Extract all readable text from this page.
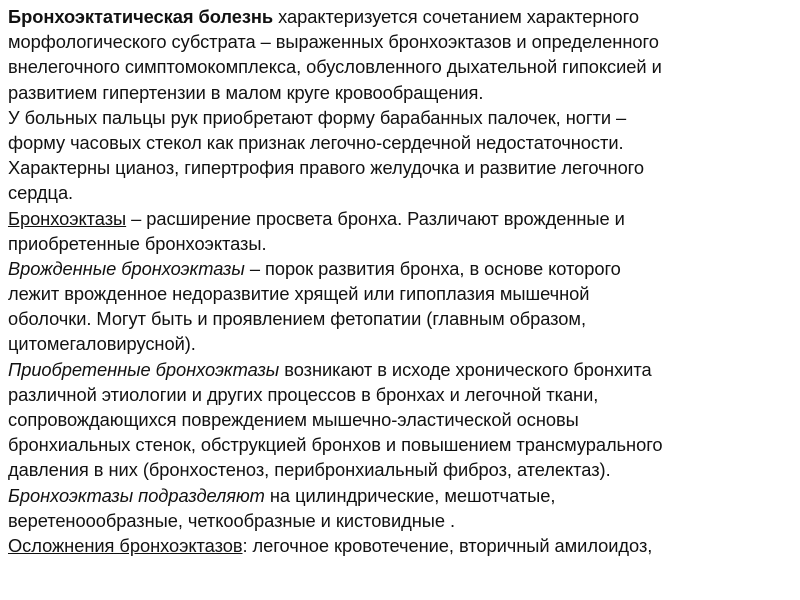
Бронхоэктатическая болезнь характеризуется сочетанием характерного
морфологического субстрата – выраженных бронхоэктазов и определенного
внелегочного симптомокомплекса, обусловленного дыхательной гипоксией и
развитием гипертензии в малом круге кровообращения.
У больных пальцы рук приобретают форму барабанных палочек, ногти –
форму часовых стекол как признак легочно-сердечной недостаточности.
Характерны цианоз, гипертрофия правого желудочка и развитие легочного
сердца.
Бронхоэктазы – расширение просвета бронха. Различают врожденные и
приобретенные бронхоэктазы.
Врожденные бронхоэктазы – порок развития бронха, в основе которого
лежит врожденное недоразвитие хрящей или гипоплазия мышечной
оболочки. Могут быть и проявлением фетопатии (главным образом,
цитомегаловирусной).
Приобретенные бронхоэктазы возникают в исходе хронического бронхита
различной этиологии и других процессов в бронхах и легочной ткани,
сопровождающихся повреждением мышечно-эластической основы
бронхиальных стенок, обструкцией бронхов и повышением трансмурального
давления в них (бронхостеноз, перибронхиальный фиброз, ателектаз).
Бронхоэктазы подразделяют на цилиндрические, мешотчатые,
веретеноообразные, четкообразные и кистовидные .
Осложнения бронхоэктазов: легочное кровотечение, вторичный амилоидоз,
